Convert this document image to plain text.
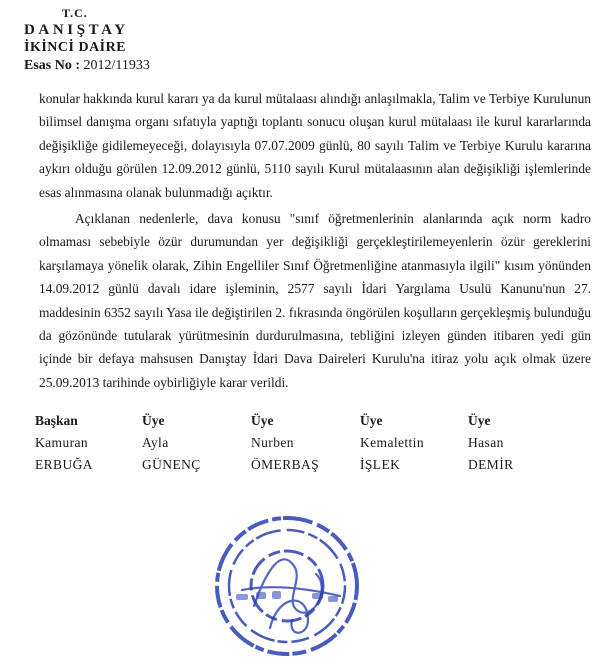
T.C.
DANIŞTAY
İKİNCİ DAİRE
Esas No : 2012/11933

konular hakkında kurul kararı ya da kurul mütalaası alındığı anlaşılmakla, Talim ve Terbiye Kurulunun bilimsel danışma organı sıfatıyla yaptığı toplantı sonucu oluşan kurul mütalaası ile kurul kararlarında değişikliğe gidilemeyeceği, dolayısıyla 07.07.2009 günlü, 80 sayılı Talim ve Terbiye Kurulu kararına aykırı olduğu görülen 12.09.2012 günlü, 5110 sayılı Kurul mütalaasının alan değişikliği işlemlerinde esas alınmasına olanak bulunmadığı açıktır.

Açıklanan nedenlerle, dava konusu "sınıf öğretmenlerinin alanlarında açık norm kadro olmaması sebebiyle özür durumundan yer değişikliği gerçekleştirilemeyenlerin özür gereklerini karşılamaya yönelik olarak, Zihin Engelliler Sınıf Öğretmenliğine atanmasıyla ilgili" kısım yönünden 14.09.2012 günlü davalı idare işleminin, 2577 sayılı İdari Yargılama Usulü Kanunu'nun 27. maddesinin 6352 sayılı Yasa ile değiştirilen 2. fıkrasında öngörülen koşulların gerçekleşmiş bulunduğu da gözönünde tutularak yürütmesinin durdurulmasına, tebliğini izleyen günden itibaren yedi gün içinde bir defaya mahsusen Danıştay İdari Dava Daireleri Kurulu'na itiraz yolu açık olmak üzere 25.09.2013 tarihinde oybirliğiyle karar verildi.

Başkan
Kamuran
ERBUĞA
Üye
Ayla
GÜNENÇ
Üye
Nurben
ÖMERBAŞ
Üye
Kemalettin
İŞLEK
Üye
Hasan
DEMİR
